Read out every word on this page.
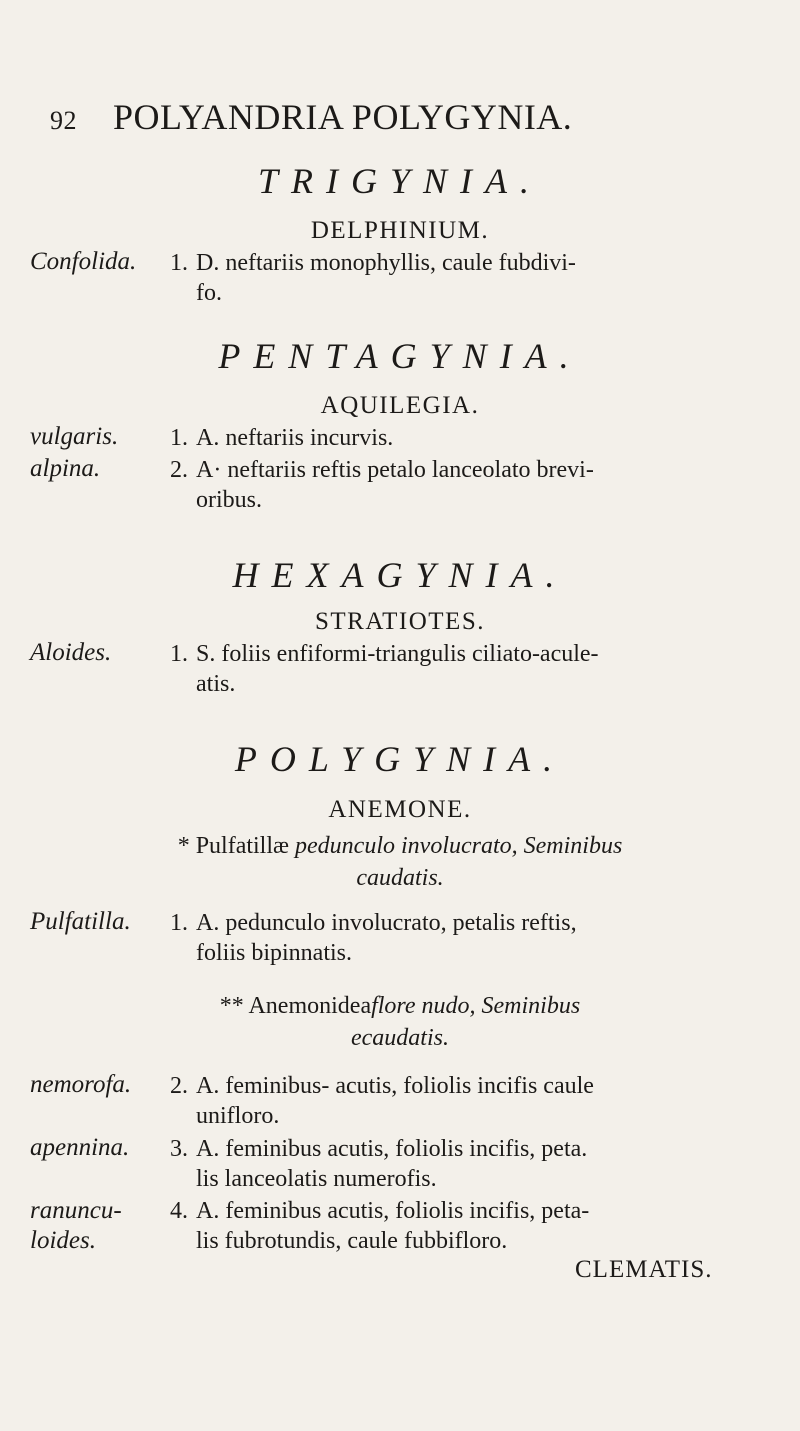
92 POLYANDRIA POLYGYNIA.
TRIGYNIA.
DELPHINIUM.
Confolida. 1. D. neftariis monophyllis, caule fubdivi-
fo.
PENTAGYNIA.
AQUILEGIA.
vulgaris. 1. A. neftariis incurvis.
alpina.	2. A· neftariis reftis petalo lanceolato brevi-
oribus.
HEXAGYNIA.
STRATIOTES.
Aloides. 1. S. foliis enfiformi-triangulis ciliato-acule-
atis.
POLYGYNIA.
ANEMONE.
* Pulfatillæ pedunculo involucrato, Seminibus
caudatis.
Pulfatilla. 1. A. pedunculo involucrato, petalis reftis,
foliis bipinnatis.
** Anemonideaflore nudo, Seminibus
ecaudatis.
nemorofa. 2. A. feminibus- acutis, foliolis incifis caule
unifloro.
apennina. 3. A. feminibus acutis, foliolis incifis, peta.
lis lanceolatis numerofis.
ranuncu-
loides.
4. A. feminibus acutis, foliolis incifis, peta-
lis fubrotundis, caule fubbifloro.
CLEMATIS.
